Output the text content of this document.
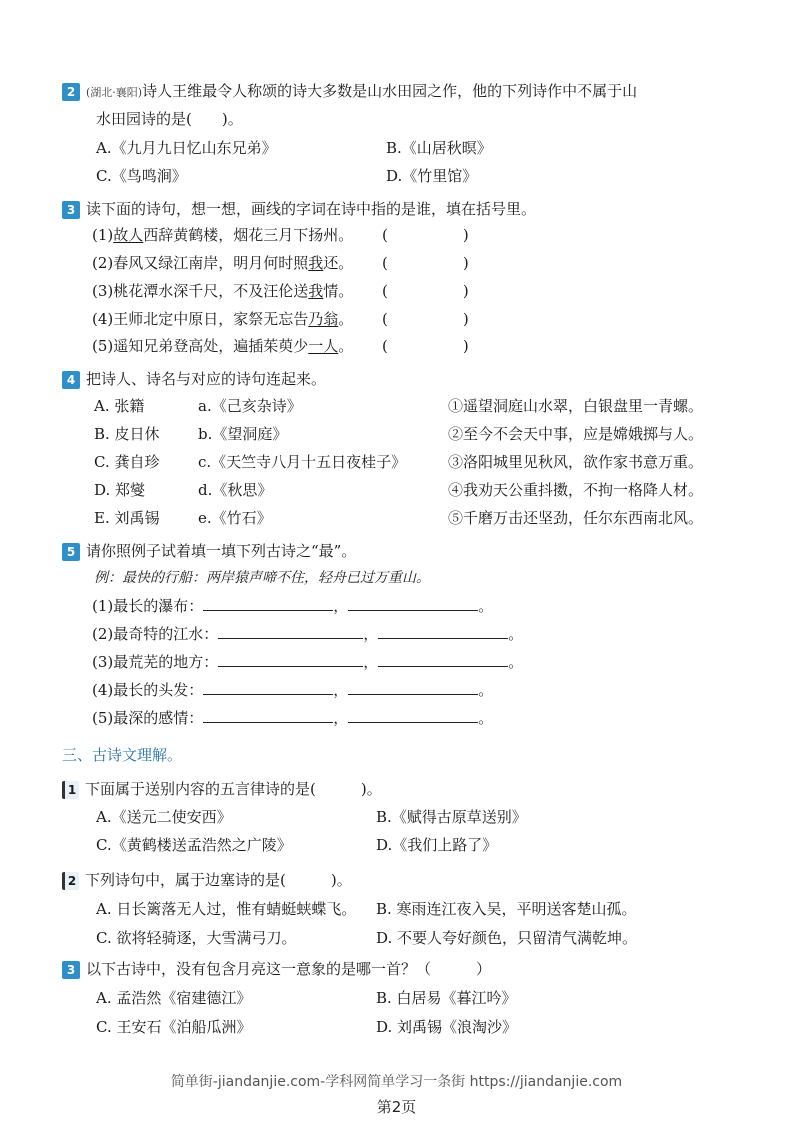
2 (湖北·襄阳)诗人王维最令人称颂的诗大多数是山水田园之作，他的下列诗作中不属于山
水田园诗的是(　　)。
A.《九月九日忆山东兄弟》	B.《山居秋暝》
C.《鸟鸣涧》	D.《竹里馆》
3 读下面的诗句，想一想，画线的字词在诗中指的是谁，填在括号里。
(1)故人西辞黄鹤楼，烟花三月下扬州。 (　　　　　)
(2)春风又绿江南岸，明月何时照我还。 (　　　　　)
(3)桃花潭水深千尺，不及汪伦送我情。 (　　　　　)
(4)王师北定中原日，家祭无忘告乃翁。 (　　　　　)
(5)遥知兄弟登高处，遍插茱萸少一人。 (　　　　　)
4 把诗人、诗名与对应的诗句连起来。
A. 张籍	a.《己亥杂诗》	①遥望洞庭山水翠，白银盘里一青螺。
B. 皮日休	b.《望洞庭》	②至今不会天中事，应是嫦娥掷与人。
C. 龚自珍	c.《天竺寺八月十五日夜桂子》	③洛阳城里见秋风，欲作家书意万重。
D. 郑燮	d.《秋思》	④我劝天公重抖擞，不拘一格降人材。
E. 刘禹锡	e.《竹石》	⑤千磨万击还坚劲，任尔东西南北风。
5 请你照例子试着填一填下列古诗之“最”。
例：最快的行船：两岸猿声啼不住，轻舟已过万重山。
(1)最长的瀑布：	，	。
(2)最奇特的江水：	，	。
(3)最荒芜的地方：	，	。
(4)最长的头发：	，	。
(5)最深的感情：	，	。
三、古诗文理解。
1 下面属于送别内容的五言律诗的是(　　　)。
A.《送元二使安西》	B.《赋得古原草送别》
C.《黄鹤楼送孟浩然之广陵》	D.《我们上路了》
2 下列诗句中，属于边塞诗的是(　　　)。
A. 日长篱落无人过，惟有蜻蜓蛱蝶飞。 B. 寒雨连江夜入吴，平明送客楚山孤。
C. 欲将轻骑逐，大雪满弓刀。	D. 不要人夸好颜色，只留清气满乾坤。
3 以下古诗中，没有包含月亮这一意象的是哪一首？（　　　）
A. 孟浩然《宿建德江》	B. 白居易《暮江吟》
C. 王安石《泊船瓜洲》	D. 刘禹锡《浪淘沙》
简单街-jiandanjie.com-学科网简单学习一条街 https://jiandanjie.com
第2页
